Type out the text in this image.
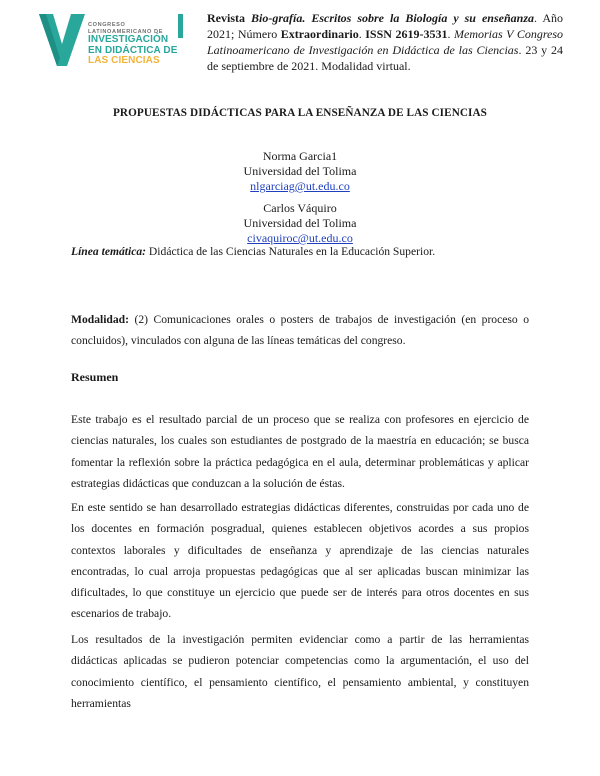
CONGRESO
LATINOAMERICANO DE
INVESTIGACIÓN
EN DIDÁCTICA DE
LAS CIENCIAS
Revista Bio-grafía. Escritos sobre la Biología y su enseñanza. Año 2021; Número Extraordinario. ISSN 2619-3531. Memorias V Congreso Latinoamericano de Investigación en Didáctica de las Ciencias. 23 y 24 de septiembre de 2021. Modalidad virtual.
PROPUESTAS DIDÁCTICAS PARA LA ENSEÑANZA DE LAS CIENCIAS
Norma Garcia1
Universidad del Tolima
nlgarciag@ut.edu.co
Carlos Váquiro
Universidad del Tolima
civaquiroc@ut.edu.co
Línea temática: Didáctica de las Ciencias Naturales en la Educación Superior.
Modalidad: (2) Comunicaciones orales o posters de trabajos de investigación (en proceso o concluidos), vinculados con alguna de las líneas temáticas del congreso.
Resumen
Este trabajo es el resultado parcial de un proceso que se realiza con profesores en ejercicio de ciencias naturales, los cuales son estudiantes de postgrado de la maestría en educación; se busca fomentar la reflexión sobre la práctica pedagógica en el aula, determinar problemáticas y aplicar estrategias didácticas que conduzcan a la solución de éstas.
En este sentido se han desarrollado estrategias didácticas diferentes, construidas por cada uno de los docentes en formación posgradual, quienes establecen objetivos acordes a sus propios contextos laborales y dificultades de enseñanza y aprendizaje de las ciencias naturales encontradas, lo cual arroja propuestas pedagógicas que al ser aplicadas buscan minimizar las dificultades, lo que constituye un ejercicio que puede ser de interés para otros docentes en sus escenarios de trabajo.
Los resultados de la investigación permiten evidenciar como a partir de las herramientas didácticas aplicadas se pudieron potenciar competencias como la argumentación, el uso del conocimiento científico, el pensamiento científico, el pensamiento ambiental, y constituyen herramientas
